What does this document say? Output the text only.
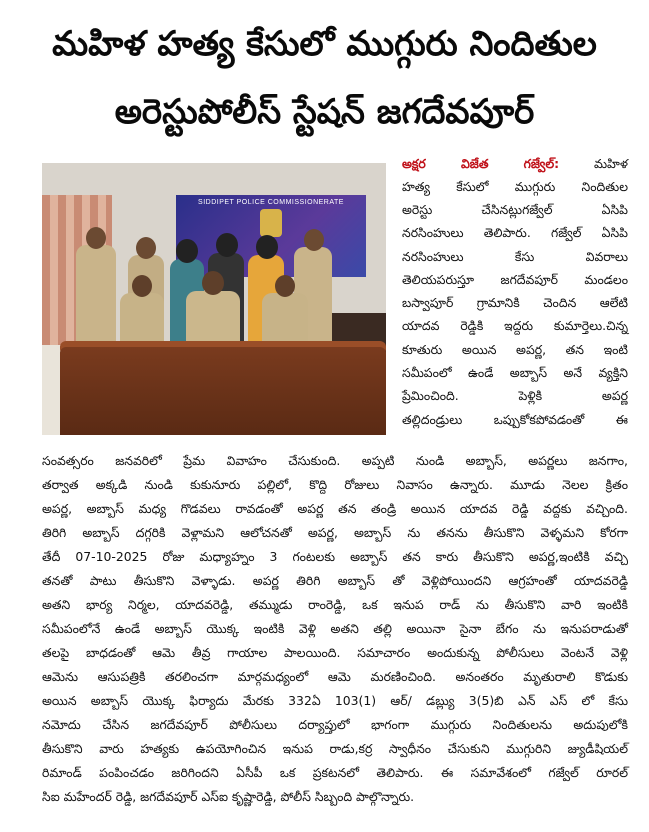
మహిళ హత్య కేసులో ముగ్గురు నిందితుల
అరెస్టుపోలీస్ స్టేషన్ జగదేవపూర్
SIDDIPET POLICE COMMISSIONERATE
అక్షర విజేత గజ్వేల్:	మహిళ
హత్య కేసులో ముగ్గురు నిందితుల
అరెస్టు చేసినట్లుగజ్వేల్ ఏసిపి
నరసింహులు తెలిపారు. గజ్వేల్ ఏసిపి
నరసింహులు కేసు వివరాలు
తెలియపరుస్తూ జగదేవపూర్ మండలం
బస్వాపూర్ గ్రామానికి చెందిన ఆలేటి
యాదవ రెడ్డికి ఇద్దరు కుమార్తెలు.చిన్న
కూతురు అయిన అపర్ణ, తన ఇంటి
సమీపంలో ఉండే అబ్బాస్ అనే వ్యక్తిని
ప్రేమించింది. పెళ్లికి అపర్ణ
తల్లిదండ్రులు ఒప్పుకోకపోవడంతో ఈ
సంవత్సరం జనవరిలో ప్రేమ వివాహం చేసుకుంది. అప్పటి నుండి అబ్బాస్, అపర్ణలు జనగాం,
తర్వాత అక్కడి నుండి కుకునూరు పల్లిలో, కొద్ది రోజులు నివాసం ఉన్నారు. మూడు నెలల క్రితం
అపర్ణ, అబ్బాస్ మధ్య గొడవలు రావడంతో అపర్ణ తన తండ్రి అయిన యాదవ రెడ్డి వద్దకు వచ్చింది.
తిరిగి అబ్బాస్ దగ్గరికి వెళ్లామని ఆలోచనతో అపర్ణ, అబ్బాస్ ను తనను తీసుకొని వెళ్ళమని కోరగా
తేదీ 07-10-2025 రోజు మధ్యాహ్నం 3 గంటలకు అబ్బాస్ తన కారు తీసుకొని అపర్ణ,ఇంటికి వచ్చి
తనతో పాటు తీసుకొని వెళ్ళాడు. అపర్ణ తిరిగి అబ్బాస్ తో వెళ్లిపోయిందని ఆగ్రహంతో యాదవరెడ్డి
అతని భార్య నిర్మల, యాదవరెడ్డి, తమ్ముడు రాంరెడ్డి, ఒక ఇనుప రాడ్ ను తీసుకొని వారి ఇంటికి
సమీపంలోనే ఉండే అబ్బాస్ యొక్క ఇంటికి వెళ్లి అతని తల్లి అయినా సైనా బేగం ను ఇనుపరాడుతో
తలపై బాధడంతో ఆమె తీవ్ర గాయాల పాలయింది. సమాచారం అందుకున్న పోలీసులు వెంటనే వెళ్లి
ఆమెను ఆసుపత్రికి తరలించగా మార్గమధ్యంలో ఆమె మరణించింది. అనంతరం మృతురాలి కొడుకు
అయిన అబ్బాస్ యొక్క ఫిర్యాదు మేరకు 332ఏ 103(1) ఆర్/ డబ్ల్యు 3(5)బి ఎన్ ఎస్ లో కేసు
నమోదు చేసిన జగదేవపూర్ పోలీసులు దర్యాప్తులో భాగంగా ముగ్గురు నిందితులను అదుపులోకి
తీసుకొని వారు హత్యకు ఉపయోగించిన ఇనుప రాడు,కర్ర స్వాధీనం చేసుకుని ముగ్గురిని జ్యుడీషియల్
రిమాండ్ పంపించడం జరిగిందని ఏసీపీ ఒక ప్రకటనలో తెలిపారు. ఈ సమావేశంలో గజ్వేల్ రూరల్
సిఐ మహేందర్ రెడ్డి, జగదేవపూర్ ఎస్ఐ కృష్ణారెడ్డి, పోలీస్ సిబ్బంది పాల్గొన్నారు.
